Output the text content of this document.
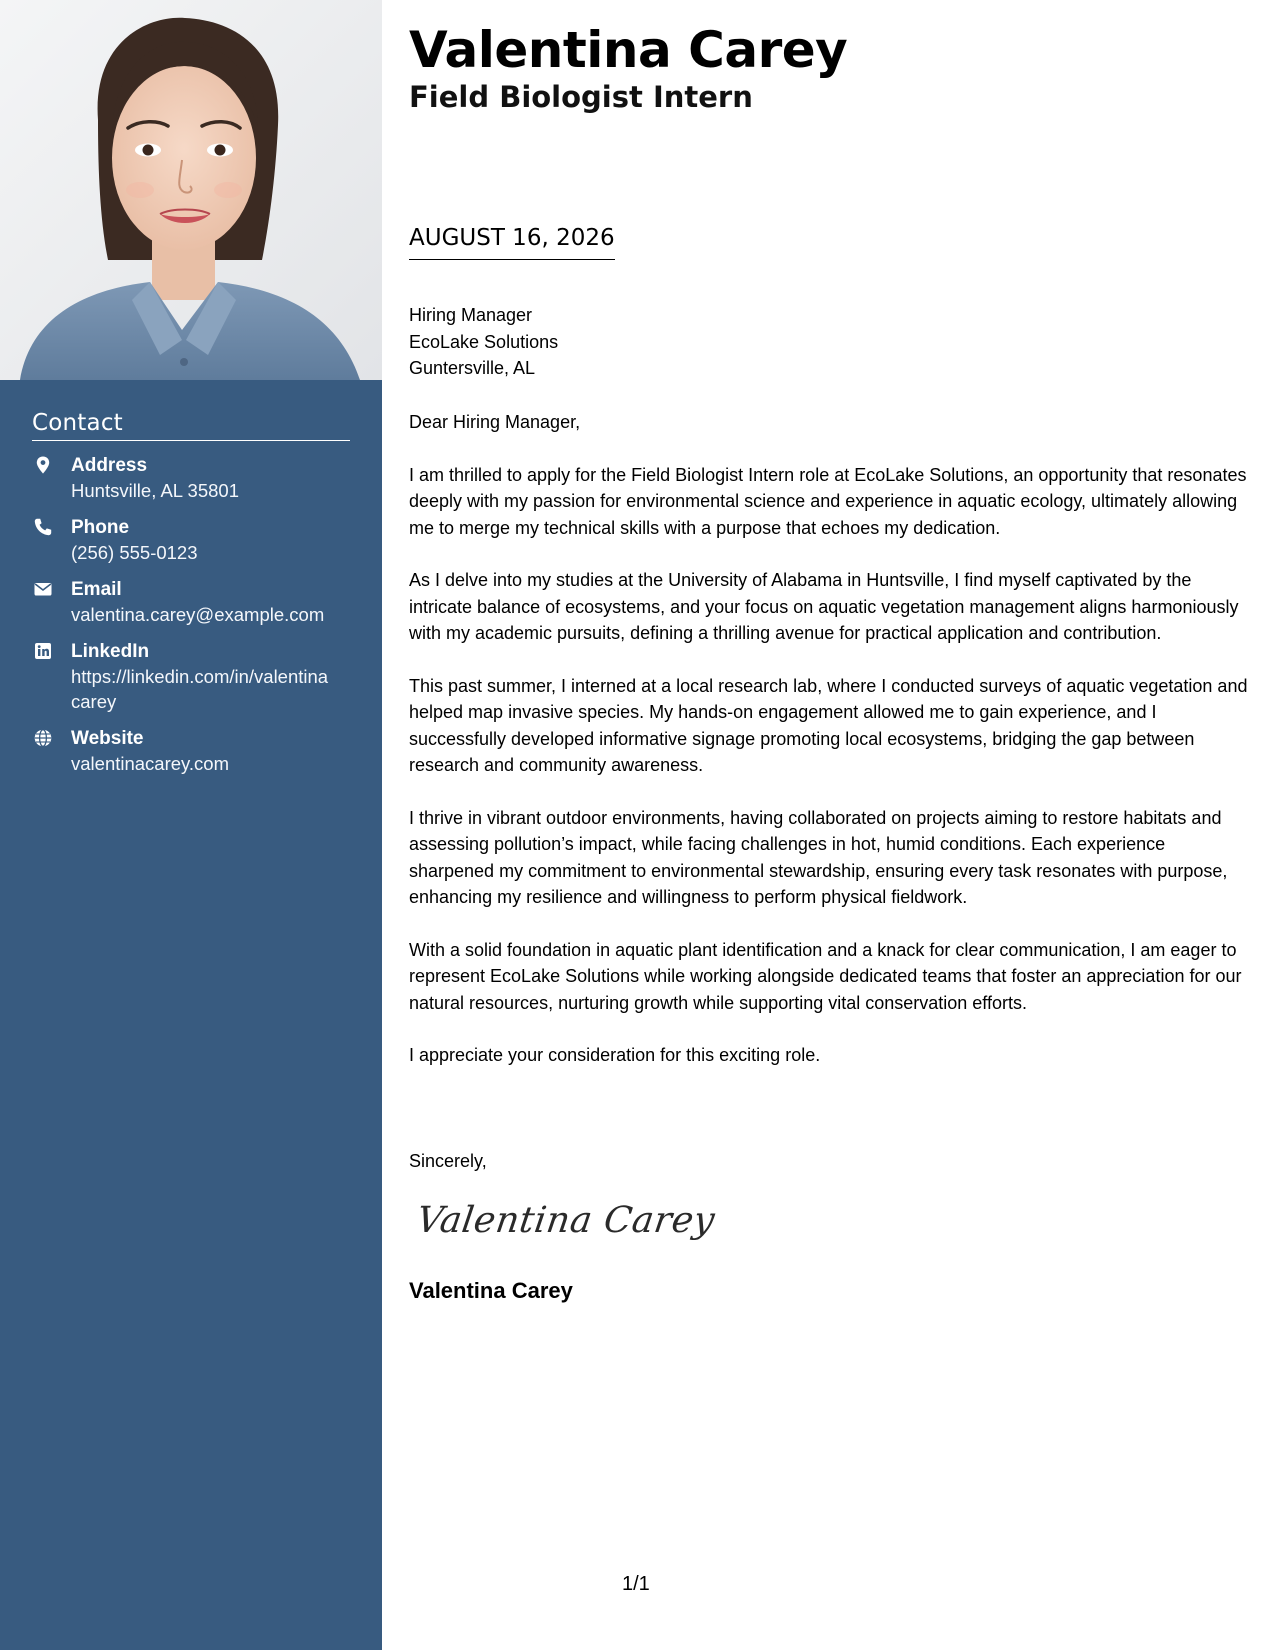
Contact
Address
Huntsville, AL 35801
Phone
(256) 555-0123
Email
valentina.carey@example.com
LinkedIn
https://linkedin.com/in/valentina carey
Website
valentinacarey.com
Valentina Carey
Field Biologist Intern
AUGUST 16, 2026
Hiring Manager
EcoLake Solutions
Guntersville, AL

Dear Hiring Manager,

I am thrilled to apply for the Field Biologist Intern role at EcoLake Solutions, an opportunity that resonates deeply with my passion for environmental science and experience in aquatic ecology, ultimately allowing me to merge my technical skills with a purpose that echoes my dedication.

As I delve into my studies at the University of Alabama in Huntsville, I find myself captivated by the intricate balance of ecosystems, and your focus on aquatic vegetation management aligns harmoniously with my academic pursuits, defining a thrilling avenue for practical application and contribution.

This past summer, I interned at a local research lab, where I conducted surveys of aquatic vegetation and helped map invasive species. My hands-on engagement allowed me to gain experience, and I successfully developed informative signage promoting local ecosystems, bridging the gap between research and community awareness.

I thrive in vibrant outdoor environments, having collaborated on projects aiming to restore habitats and assessing pollution’s impact, while facing challenges in hot, humid conditions. Each experience sharpened my commitment to environmental stewardship, ensuring every task resonates with purpose, enhancing my resilience and willingness to perform physical fieldwork.

With a solid foundation in aquatic plant identification and a knack for clear communication, I am eager to represent EcoLake Solutions while working alongside dedicated teams that foster an appreciation for our natural resources, nurturing growth while supporting vital conservation efforts.

I appreciate your consideration for this exciting role.

Sincerely,
Valentina Carey
Valentina Carey
1/1
